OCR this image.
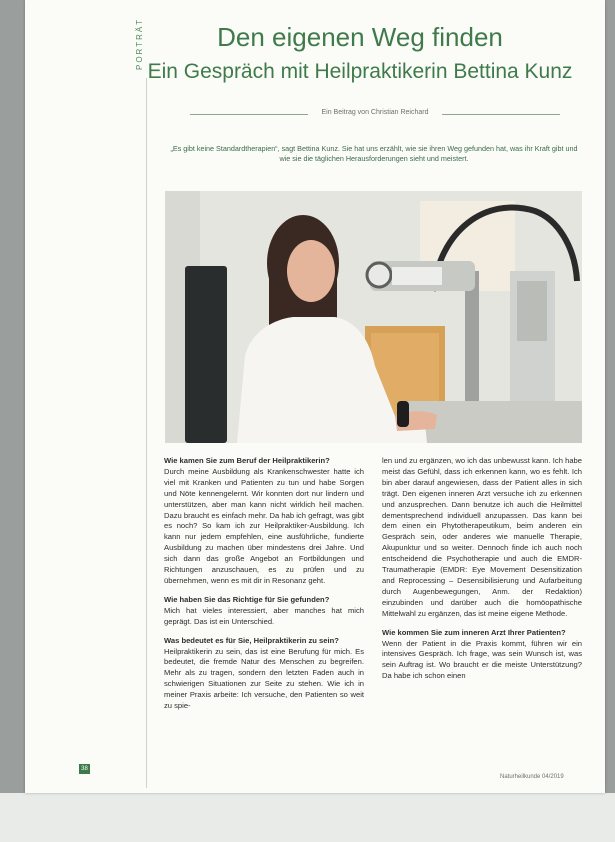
PORTRÄT	Den eigenen Weg finden
Ein Gespräch mit Heilpraktikerin Bettina Kunz
Ein Beitrag von Christian Reichard
„Es gibt keine Standardtherapien“, sagt Bettina Kunz. Sie hat uns erzählt, wie sie ihren Weg gefunden hat, was ihr Kraft gibt und wie sie die täglichen Herausforderungen sieht und meistert.

Wie kamen Sie zum Beruf der Heilpraktikerin?
Durch meine Ausbildung als Krankenschwester hatte ich viel mit Kranken und Patienten zu tun und habe Sorgen und Nöte kennengelernt. Wir konnten dort nur lindern und unterstützen, aber man kann nicht wirklich heil machen. Dazu braucht es einfach mehr. Da hab ich gefragt, was gibt es noch? So kam ich zur Heilpraktiker-Ausbildung. Ich kann nur jedem empfehlen, eine ausführliche, fundierte Ausbildung zu machen über mindestens drei Jahre. Und sich dann das große Angebot an Fortbildungen und Richtungen anzuschauen, es zu prüfen und zu übernehmen, wenn es mit dir in Resonanz geht.

Wie haben Sie das Richtige für Sie gefunden?
Mich hat vieles interessiert, aber manches hat mich geprägt. Das ist ein Unterschied.

Was bedeutet es für Sie, Heilpraktikerin zu sein?
Heilpraktikerin zu sein, das ist eine Berufung für mich. Es bedeutet, die fremde Natur des Menschen zu begreifen. Mehr als zu tragen, sondern den letzten Faden auch in schwierigen Situationen zur Seite zu stehen. Wie ich in meiner Praxis arbeite: Ich versuche, den Patienten so weit zu spie-

len und zu ergänzen, wo ich das unbewusst kann. Ich habe meist das Gefühl, dass ich erkennen kann, wo es fehlt. Ich bin aber darauf angewiesen, dass der Patient alles in sich trägt. Den eigenen inneren Arzt versuche ich zu erkennen und anzusprechen. Dann benutze ich auch die Heilmittel dementsprechend individuell anzupassen. Das kann bei dem einen ein Phytotherapeutikum, beim anderen ein Gespräch sein, oder anderes wie manuelle Therapie, Akupunktur und so weiter. Dennoch finde ich auch noch entscheidend die Psychotherapie und auch die EMDR-Traumatherapie (EMDR: Eye Movement Desensitization and Reprocessing – Desensibilisierung und Aufarbeitung durch Augenbewegungen, Anm. der Redaktion) einzubinden und darüber auch die homöopathische Mittelwahl zu ergänzen, das ist meine eigene Methode.

Wie kommen Sie zum inneren Arzt Ihrer Patienten?
Wenn der Patient in die Praxis kommt, führen wir ein intensives Gespräch. Ich frage, was sein Wunsch ist, was sein Auftrag ist. Wo braucht er die meiste Unterstützung? Da habe ich schon einen

38
Naturheilkunde 04/2019
